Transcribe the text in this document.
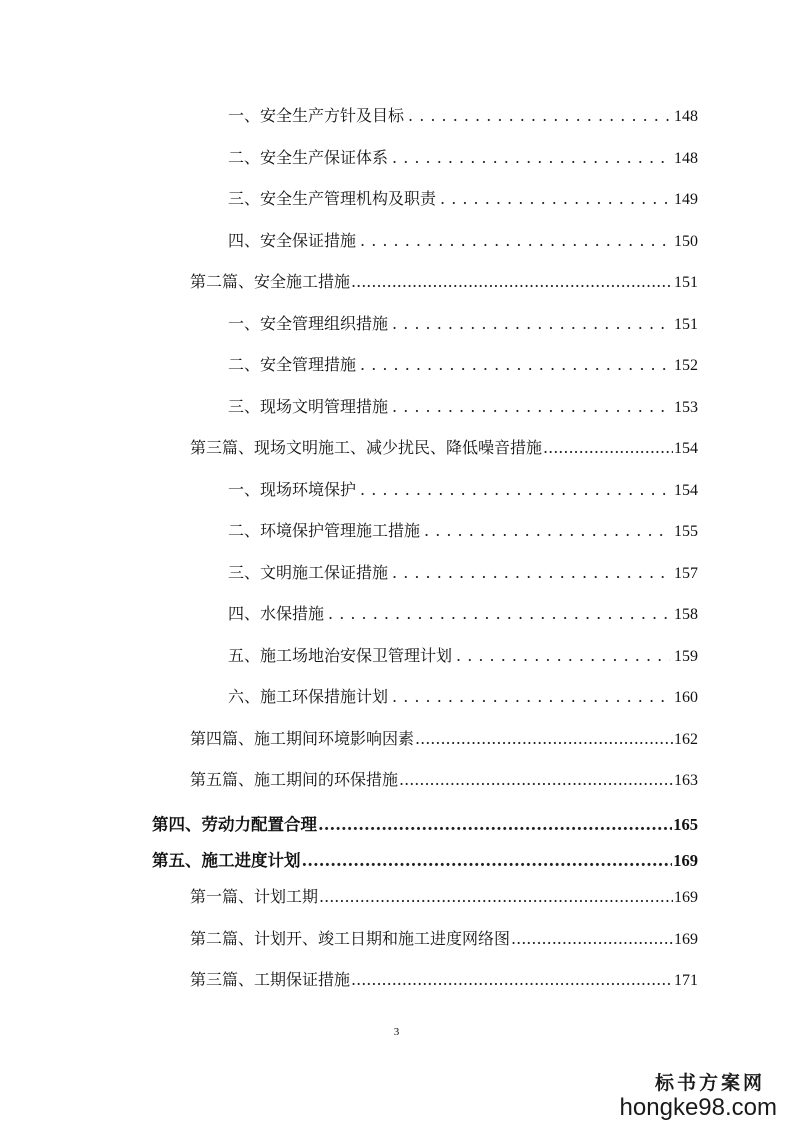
一、安全生产方针及目标 . . .	148
二、安全生产保证体系 . . .	148
三、安全生产管理机构及职责 . . .	149
四、安全保证措施 . . .	150
第二篇、安全施工措施 .....	151
一、安全管理组织措施 . . .	151
二、安全管理措施 . . .	152
三、现场文明管理措施 . . .	153
第三篇、现场文明施工、减少扰民、降低噪音措施 .....	154
一、现场环境保护 . . .	154
二、环境保护管理施工措施 . . .	155
三、文明施工保证措施 . . .	157
四、水保措施 . . .	158
五、施工场地治安保卫管理计划 . . .	159
六、施工环保措施计划 . . .	160
第四篇、施工期间环境影响因素 .....	162
第五篇、施工期间的环保措施 .....	163
第四、劳动力配置合理 .....	165
第五、施工进度计划 .....	169
第一篇、计划工期 .....	169
第二篇、计划开、竣工日期和施工进度网络图 .....	169
第三篇、工期保证措施 .....	171
3
标书方案网
hongke98.com
